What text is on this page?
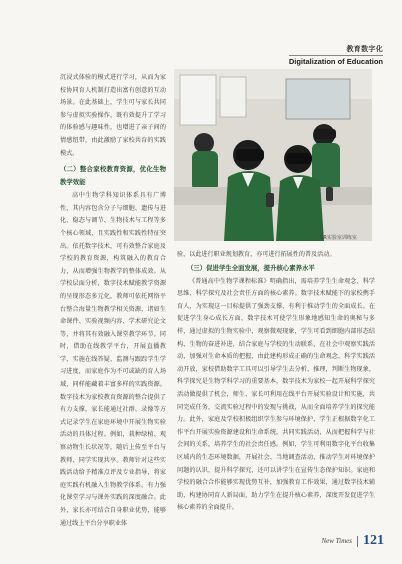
教育数字化
Digitalization of Education

沉浸式体验的模式进行学习，从而为家校协同育人机制打造出富有创意的互动场景。在此基础上，学生可与家长共同参与虚拟实验操作，既有效提升了学习的体验感与趣味性，也增进了亲子间的情感纽带，由此激励了家校共育的实践模式。

（二）整合家校教育资源，优化生物教学效能

高中生物学科知识体系具有广博性，其内容包含分子与细胞、遗传与进化、稳态与调节、生物技术与工程等多个核心领域，且实践性和实践性特征突出。依托数字技术，可有效整合家庭及学校的教育资源，构筑融入的教育合力，从而增强生物教学的整体成效。从学校层面分析，数字技术赋能教学资源的呈现形态多元化，教师可依托网络平台整合海量生物教学相关资源，诸如生命课件、实验视频内容、学术研究论文等，并将其有效融入课堂教学环节。同时，借助在线教学平台，开展直播教学、实施在线答疑、监测与跟踪学生学习进度，而家庭作为不可或缺的育人场域，同样能藏着丰富多样的实践资源。数字技术为家校教育资源的整合提供了有力支撑，家长能通过社群、录像等方式记录学生在家庭环境中开展生物实验活动的具体过程。例如，栽种绿植、观察动物生长状况等，随后上传至平台与教师、同学实现共享。教师针对这些实践活动给予精准点评及专业指导，将家庭实践有机融入生物教学体系。有力强化课堂学习与课外实践的深度融合。此外，家长亦可结合自身职业优势，能够通过线上平台分享职业体

VR实验室训练室

验，以此进行职业规划教育，亦可进行拓展性的普及活动。

（三）促进学生全面发展，提升核心素养水平

《普通高中生物学课程标准》明确指出，需培养学生生命观念、科学思维、科学探究及社会责任方面的核心素养。数字技术赋能下的家校携手育人，为实现这一目标提供了强劲支撑，有利于推动学生的全面成长。在促进学生身心成长方面，数字技术可使学生形象地感知生命的奥秘与多样，通过虚拟的生物实验中，观察微观现象，学生可看到细胞内部形态结构、生物的奋进补进，结合家庭与学校的生动联系，在社会中观察实践活动，加强对生命本质的把握，由此建构形成正确的生命观念，科学实践活动开放，家校借助数字工具可以引导学生去分析、推理，判断生物现象，科学探究是生物学科学习的重要基本，数字技术为家校一起开展科学探究活动做提供了机会，师生、家长可利用在线平台开展实验设计和实施，共同完成任务，交流实验过程中的发现与挑战，从而全面培养学生的探究能力。此外，家庭及学校积极组织学生参与环境保护、学生正根据数字化工作平台开展实验资源建设和生命系统，共同实践活动，从而把握科学与社会间的关系，培养学生的社会责任感。例如，学生可利用数字化平台收集区域内的生态环境数据，开展社会、当地调查活动，推动学生对环境保护问题的认识，提升科学探究，还可以讲学生在宣传生态保护知识。家庭和学校的融合合作能够实现优势互补，加强教育工作效果，通过数字技术辅助，构建协同育人新局面，助力学生在提升核心素养，深度开发促进学生核心素养的全面提升。

New Times 121
